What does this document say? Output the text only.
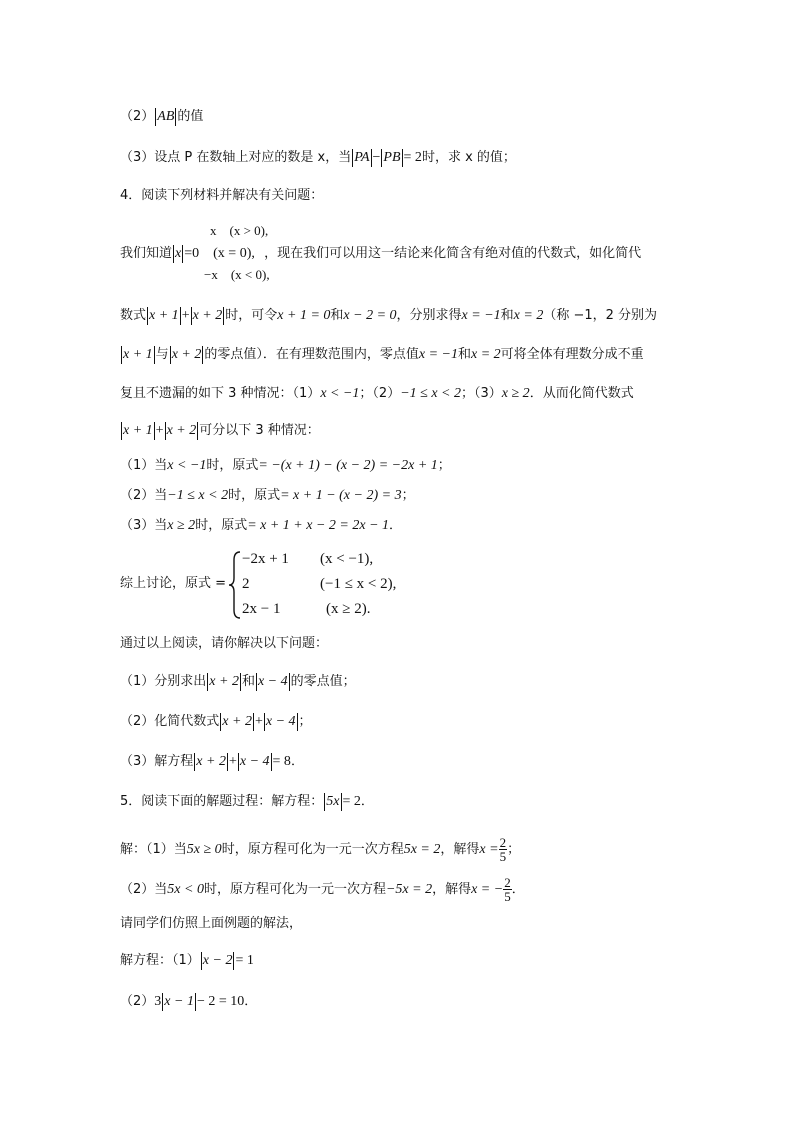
（2） AB 的值
（3）设点 P 在数轴上对应的数是 x，当 PA − PB = 2时，求 x 的值；
4．阅读下列材料并解决有关问题：
x　(x > 0),
我们知道 x =0　(x = 0), ，现在我们可以用这一结论来化简含有绝对值的代数式，如化简代
−x　(x < 0),
数式 x + 1 + x + 2 时，可令x + 1 = 0和x − 2 = 0，分别求得x = −1和x = 2（称 −1，2 分别为
x + 1 与 x + 2 的零点值）．在有理数范围内，零点值x = −1和x = 2可将全体有理数分成不重
复且不遗漏的如下 3 种情况：（1）x < −1；（2）−1 ≤ x < 2；（3）x ≥ 2．从而化简代数式
x + 1 + x + 2 可分以下 3 种情况：
（1）当x < −1时，原式= −(x + 1) − (x − 2) = −2x + 1；
（2）当−1 ≤ x < 2时，原式= x + 1 − (x − 2) = 3；
（3）当x ≥ 2时，原式= x + 1 + x − 2 = 2x − 1．
综上讨论，原式 =
−2x + 1 (x < −1),
2	(−1 ≤ x < 2),
2x − 1	(x ≥ 2).
通过以上阅读，请你解决以下问题：
（1）分别求出 x + 2 和 x − 4 的零点值；
（2）化简代数式 x + 2 + x − 4 ；
（3）解方程 x + 2 + x − 4 = 8．
5．阅读下面的解题过程：解方程： 5x = 2．
解：（1）当5x ≥ 0时，原方程可化为一元一次方程5x = 2，解得$x = \frac{2}{5}$ ；
（2）当5x < 0时，原方程可化为一元一次方程−5x = 2，解得x = − $\frac{2}{5}$ ．
请同学们仿照上面例题的解法，
解方程：（1） x − 2 = 1
（2）3 x − 1 − 2 = 10．
